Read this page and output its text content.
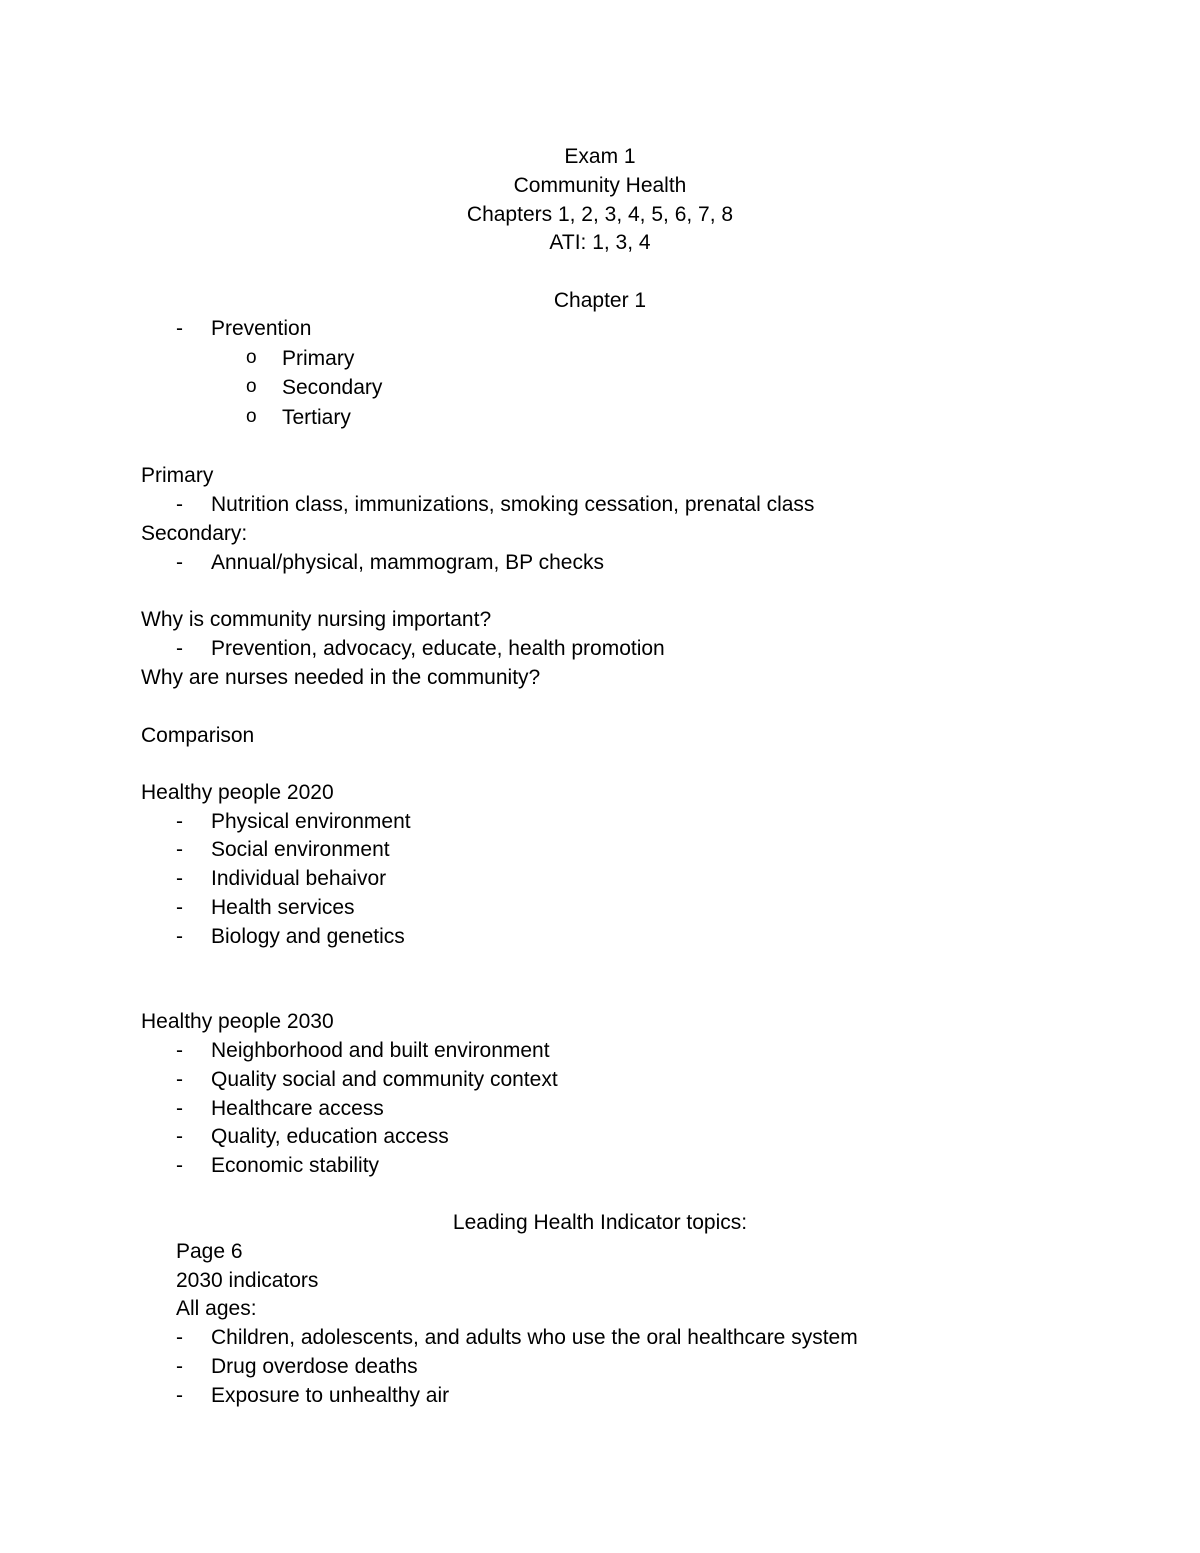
Exam 1
Community Health
Chapters 1, 2, 3, 4, 5, 6, 7, 8
ATI: 1, 3, 4
Chapter 1
- Prevention
o Primary
o Secondary
o Tertiary
Primary
- Nutrition class, immunizations, smoking cessation, prenatal class
Secondary:
- Annual/physical, mammogram, BP checks
Why is community nursing important?
- Prevention, advocacy, educate, health promotion
Why are nurses needed in the community?
Comparison
Healthy people 2020
- Physical environment
- Social environment
- Individual behaivor
- Health services
- Biology and genetics
Healthy people 2030
- Neighborhood and built environment
- Quality social and community context
- Healthcare access
- Quality, education access
- Economic stability
Leading Health Indicator topics:
Page 6
2030 indicators
All ages:
- Children, adolescents, and adults who use the oral healthcare system
- Drug overdose deaths
- Exposure to unhealthy air
